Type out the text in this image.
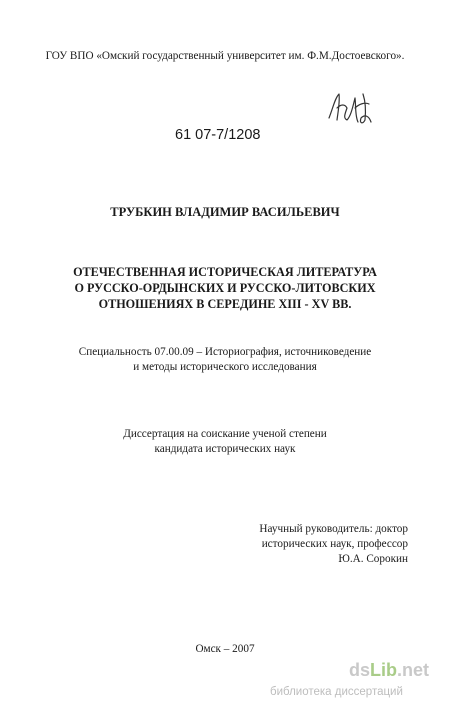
ГОУ ВПО «Омский государственный университет им. Ф.М.Достоевского».
61 07-7/1208
ТРУБКИН ВЛАДИМИР ВАСИЛЬЕВИЧ
ОТЕЧЕСТВЕННАЯ ИСТОРИЧЕСКАЯ ЛИТЕРАТУРА
О РУССКО-ОРДЫНСКИХ И РУССКО-ЛИТОВСКИХ
ОТНОШЕНИЯХ В СЕРЕДИНЕ XIII - XV ВВ.
Специальность 07.00.09 – Историография, источниковедение
и методы исторического исследования
Диссертация на соискание ученой степени
кандидата исторических наук
Научный руководитель: доктор
исторических наук, профессор
Ю.А. Сорокин
Омск – 2007
dsLib.net
библиотека диссертаций
